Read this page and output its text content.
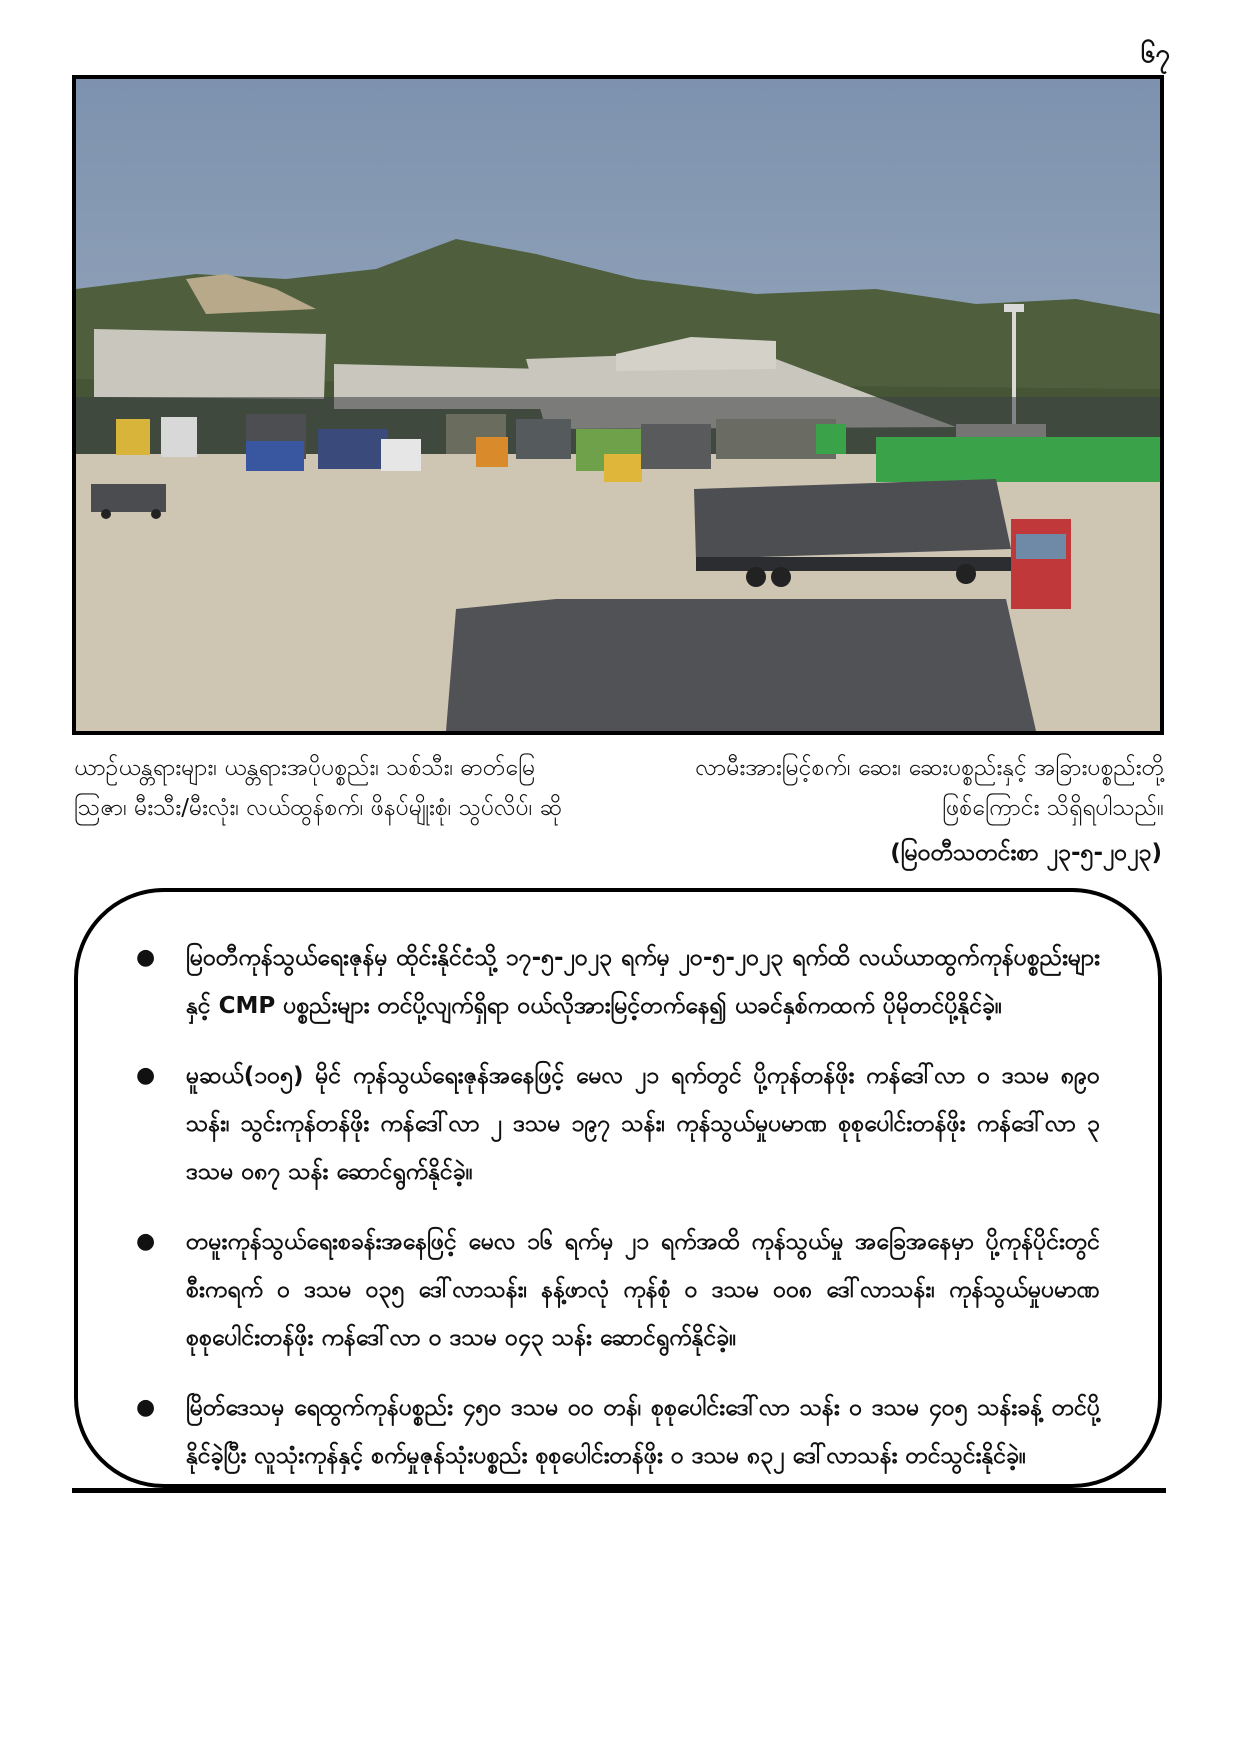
၆၇
ယာဉ်ယန္တရားများ၊ ယန္တရားအပိုပစ္စည်း၊ သစ်သီး၊ ဓာတ်မြေ	လာမီးအားမြင့်စက်၊ ဆေး၊ ဆေးပစ္စည်းနှင့် အခြားပစ္စည်းတို့
ဩဇာ၊ မီးသီး/မီးလုံး၊ လယ်ထွန်စက်၊ ဖိနပ်မျိုးစုံ၊ သွပ်လိပ်၊ ဆို	ဖြစ်ကြောင်း သိရှိရပါသည်။
(မြဝတီသတင်းစာ ၂၃-၅-၂၀၂၃)
● မြဝတီကုန်သွယ်ရေးဇုန်မှ ထိုင်းနိုင်ငံသို့ ၁၇-၅-၂၀၂၃ ရက်မှ ၂၀-၅-၂၀၂၃ ရက်ထိ လယ်ယာထွက်ကုန်ပစ္စည်းများနှင့် CMP ပစ္စည်းများ တင်ပို့လျက်ရှိရာ ဝယ်လိုအားမြင့်တက်နေ၍ ယခင်နှစ်ကထက် ပိုမိုတင်ပို့နိုင်ခဲ့။
● မူဆယ်(၁၀၅) မိုင် ကုန်သွယ်ရေးဇုန်အနေဖြင့် မေလ ၂၁ ရက်တွင် ပို့ကုန်တန်ဖိုး ကန်ဒေါ်လာ ၀ ဒသမ ၈၉၀ သန်း၊ သွင်းကုန်တန်ဖိုး ကန်ဒေါ်လာ ၂ ဒသမ ၁၉၇ သန်း၊ ကုန်သွယ်မှုပမာဏ စုစုပေါင်းတန်ဖိုး ကန်ဒေါ်လာ ၃ ဒသမ ၀၈၇ သန်း ဆောင်ရွက်နိုင်ခဲ့။
● တမူးကုန်သွယ်ရေးစခန်းအနေဖြင့် မေလ ၁၆ ရက်မှ ၂၁ ရက်အထိ ကုန်သွယ်မှု အခြေအနေမှာ ပို့ကုန်ပိုင်းတွင် စီးကရက် ၀ ဒသမ ၀၃၅ ဒေါ်လာသန်း၊ နန့်ဖာလုံ ကုန်စုံ ၀ ဒသမ ၀၀၈ ဒေါ်လာသန်း၊ ကုန်သွယ်မှုပမာဏ စုစုပေါင်းတန်ဖိုး ကန်ဒေါ်လာ ၀ ဒသမ ၀၄၃ သန်း ဆောင်ရွက်နိုင်ခဲ့။
● မြိတ်ဒေသမှ ရေထွက်ကုန်ပစ္စည်း ၄၅၀ ဒသမ ၀၀ တန်၊ စုစုပေါင်းဒေါ်လာ သန်း ၀ ဒသမ ၄၀၅ သန်းခန့် တင်ပို့နိုင်ခဲ့ပြီး လူသုံးကုန်နှင့် စက်မှုဇုန်သုံးပစ္စည်း စုစုပေါင်းတန်ဖိုး ၀ ဒသမ ၈၃၂ ဒေါ်လာသန်း တင်သွင်းနိုင်ခဲ့။
